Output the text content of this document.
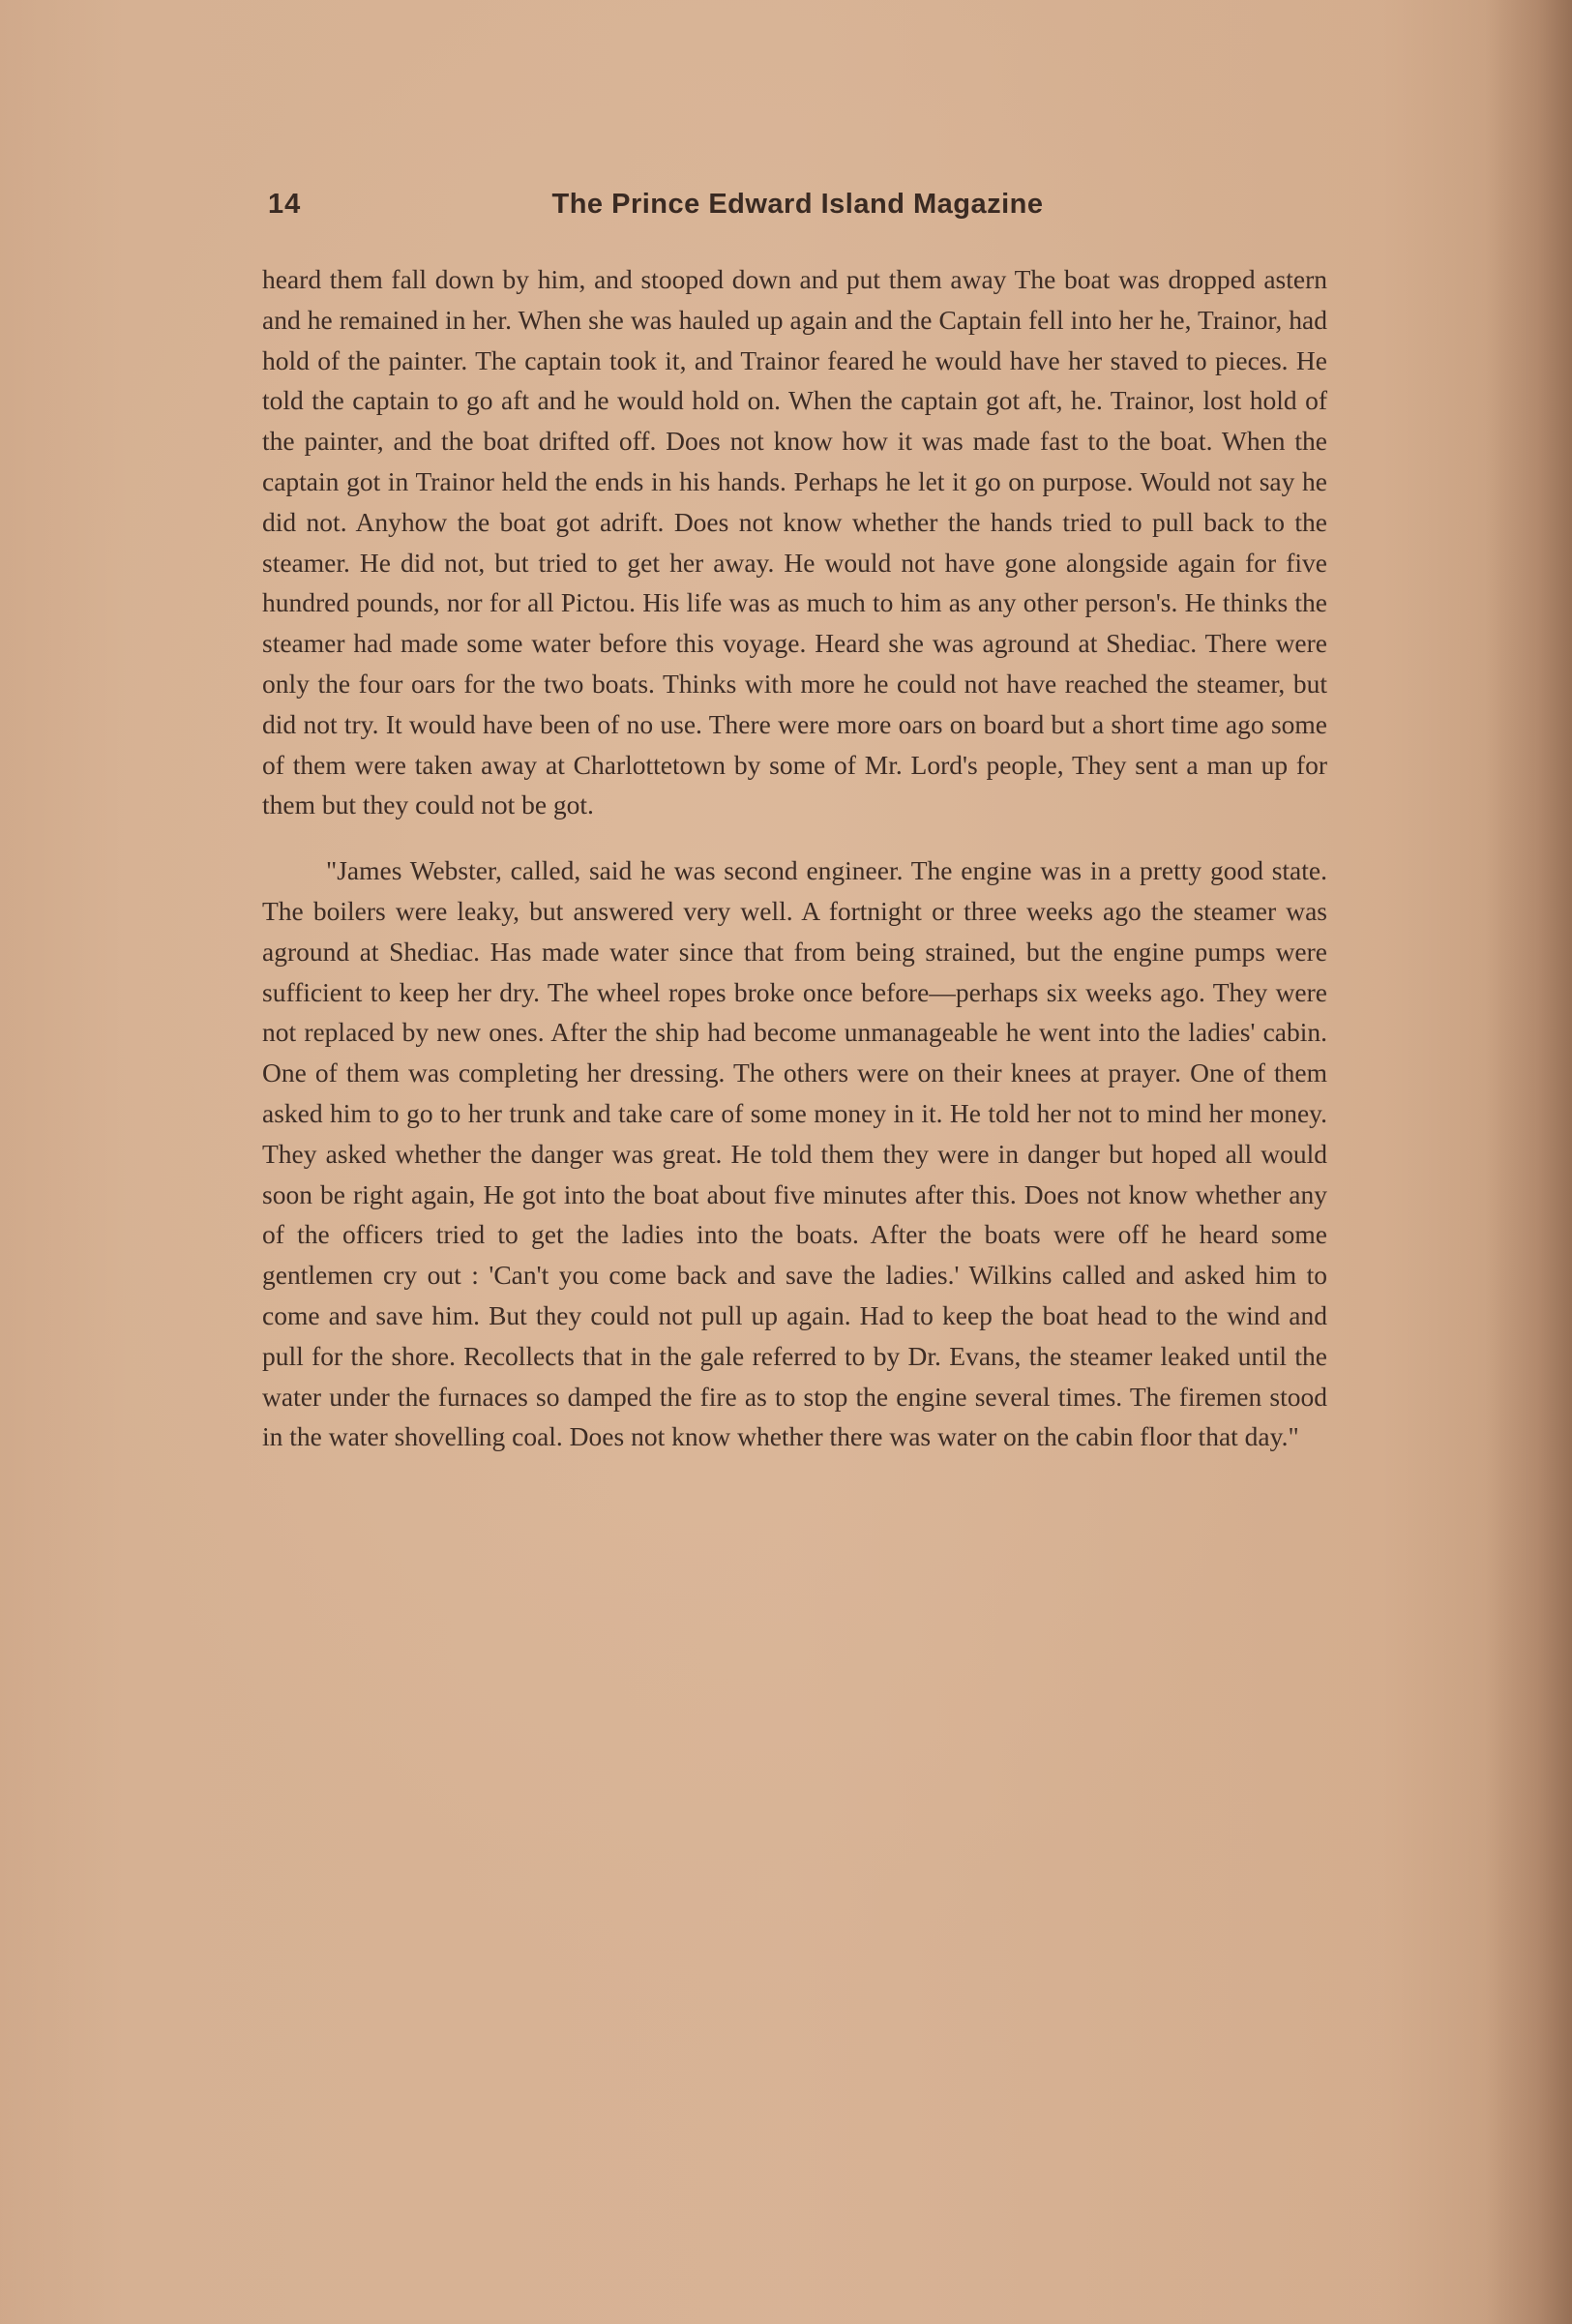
14	The Prince Edward Island Magazine

heard them fall down by him, and stooped down and put them away The boat was dropped astern and he remained in her. When she was hauled up again and the Captain fell into her he, Trainor, had hold of the painter. The captain took it, and Trainor feared he would have her staved to pieces. He told the captain to go aft and he would hold on. When the captain got aft, he. Trainor, lost hold of the painter, and the boat drifted off. Does not know how it was made fast to the boat. When the captain got in Trainor held the ends in his hands. Perhaps he let it go on purpose. Would not say he did not. Anyhow the boat got adrift. Does not know whether the hands tried to pull back to the steamer. He did not, but tried to get her away. He would not have gone alongside again for five hundred pounds, nor for all Pictou. His life was as much to him as any other person's. He thinks the steamer had made some water before this voyage. Heard she was aground at Shediac. There were only the four oars for the two boats. Thinks with more he could not have reached the steamer, but did not try. It would have been of no use. There were more oars on board but a short time ago some of them were taken away at Charlottetown by some of Mr. Lord's people, They sent a man up for them but they could not be got.

"James Webster, called, said he was second engineer. The engine was in a pretty good state. The boilers were leaky, but answered very well. A fortnight or three weeks ago the steamer was aground at Shediac. Has made water since that from being strained, but the engine pumps were sufficient to keep her dry. The wheel ropes broke once before—perhaps six weeks ago. They were not replaced by new ones. After the ship had become unmanageable he went into the ladies' cabin. One of them was completing her dressing. The others were on their knees at prayer. One of them asked him to go to her trunk and take care of some money in it. He told her not to mind her money. They asked whether the danger was great. He told them they were in danger but hoped all would soon be right again, He got into the boat about five minutes after this. Does not know whether any of the officers tried to get the ladies into the boats. After the boats were off he heard some gentlemen cry out : 'Can't you come back and save the ladies.' Wilkins called and asked him to come and save him. But they could not pull up again. Had to keep the boat head to the wind and pull for the shore. Recollects that in the gale referred to by Dr. Evans, the steamer leaked until the water under the furnaces so damped the fire as to stop the engine several times. The firemen stood in the water shovelling coal. Does not know whether there was water on the cabin floor that day."
